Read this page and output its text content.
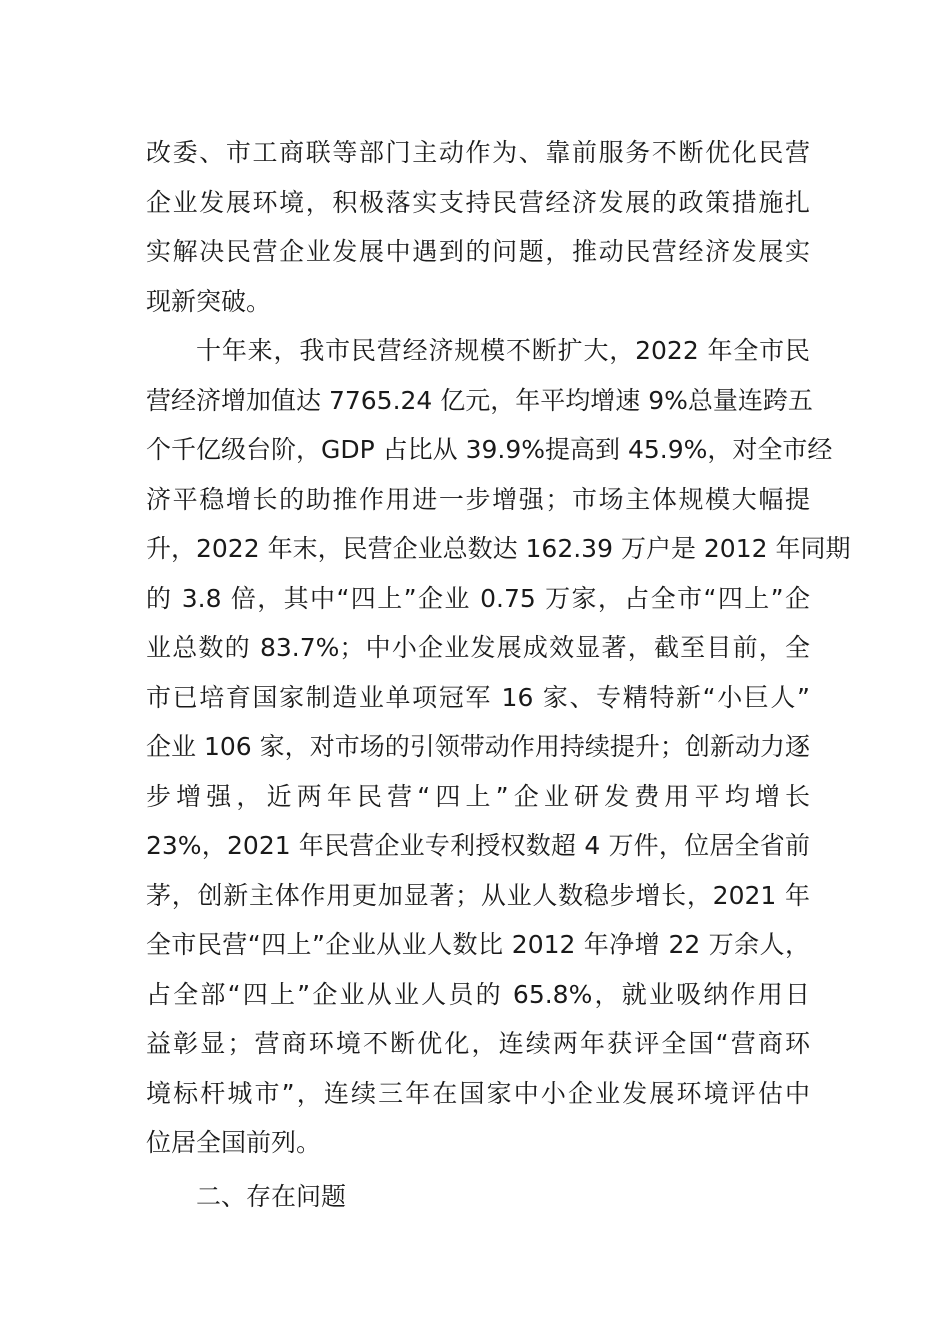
改委、市工商联等部门主动作为、靠前服务不断优化民营
企业发展环境，积极落实支持民营经济发展的政策措施扎
实解决民营企业发展中遇到的问题，推动民营经济发展实
现新突破。
十年来，我市民营经济规模不断扩大，2022 年全市民
营经济增加值达 7765.24 亿元，年平均增速 9%总量连跨五
个千亿级台阶，GDP 占比从 39.9%提高到 45.9%，对全市经
济平稳增长的助推作用进一步增强；市场主体规模大幅提
升，2022 年末，民营企业总数达 162.39 万户是 2012 年同期
的 3.8 倍，其中“四上”企业 0.75 万家，占全市“四上”企
业总数的 83.7%；中小企业发展成效显著，截至目前，全
市已培育国家制造业单项冠军 16 家、专精特新“小巨人”
企业 106 家，对市场的引领带动作用持续提升；创新动力逐
步增强，近两年民营“四上”企业研发费用平均增长
23%，2021 年民营企业专利授权数超 4 万件，位居全省前
茅，创新主体作用更加显著；从业人数稳步增长，2021 年
全市民营“四上”企业从业人数比 2012 年净增 22 万余人，
占全部“四上”企业从业人员的 65.8%，就业吸纳作用日
益彰显；营商环境不断优化，连续两年获评全国“营商环
境标杆城市”，连续三年在国家中小企业发展环境评估中
位居全国前列。
二、存在问题
